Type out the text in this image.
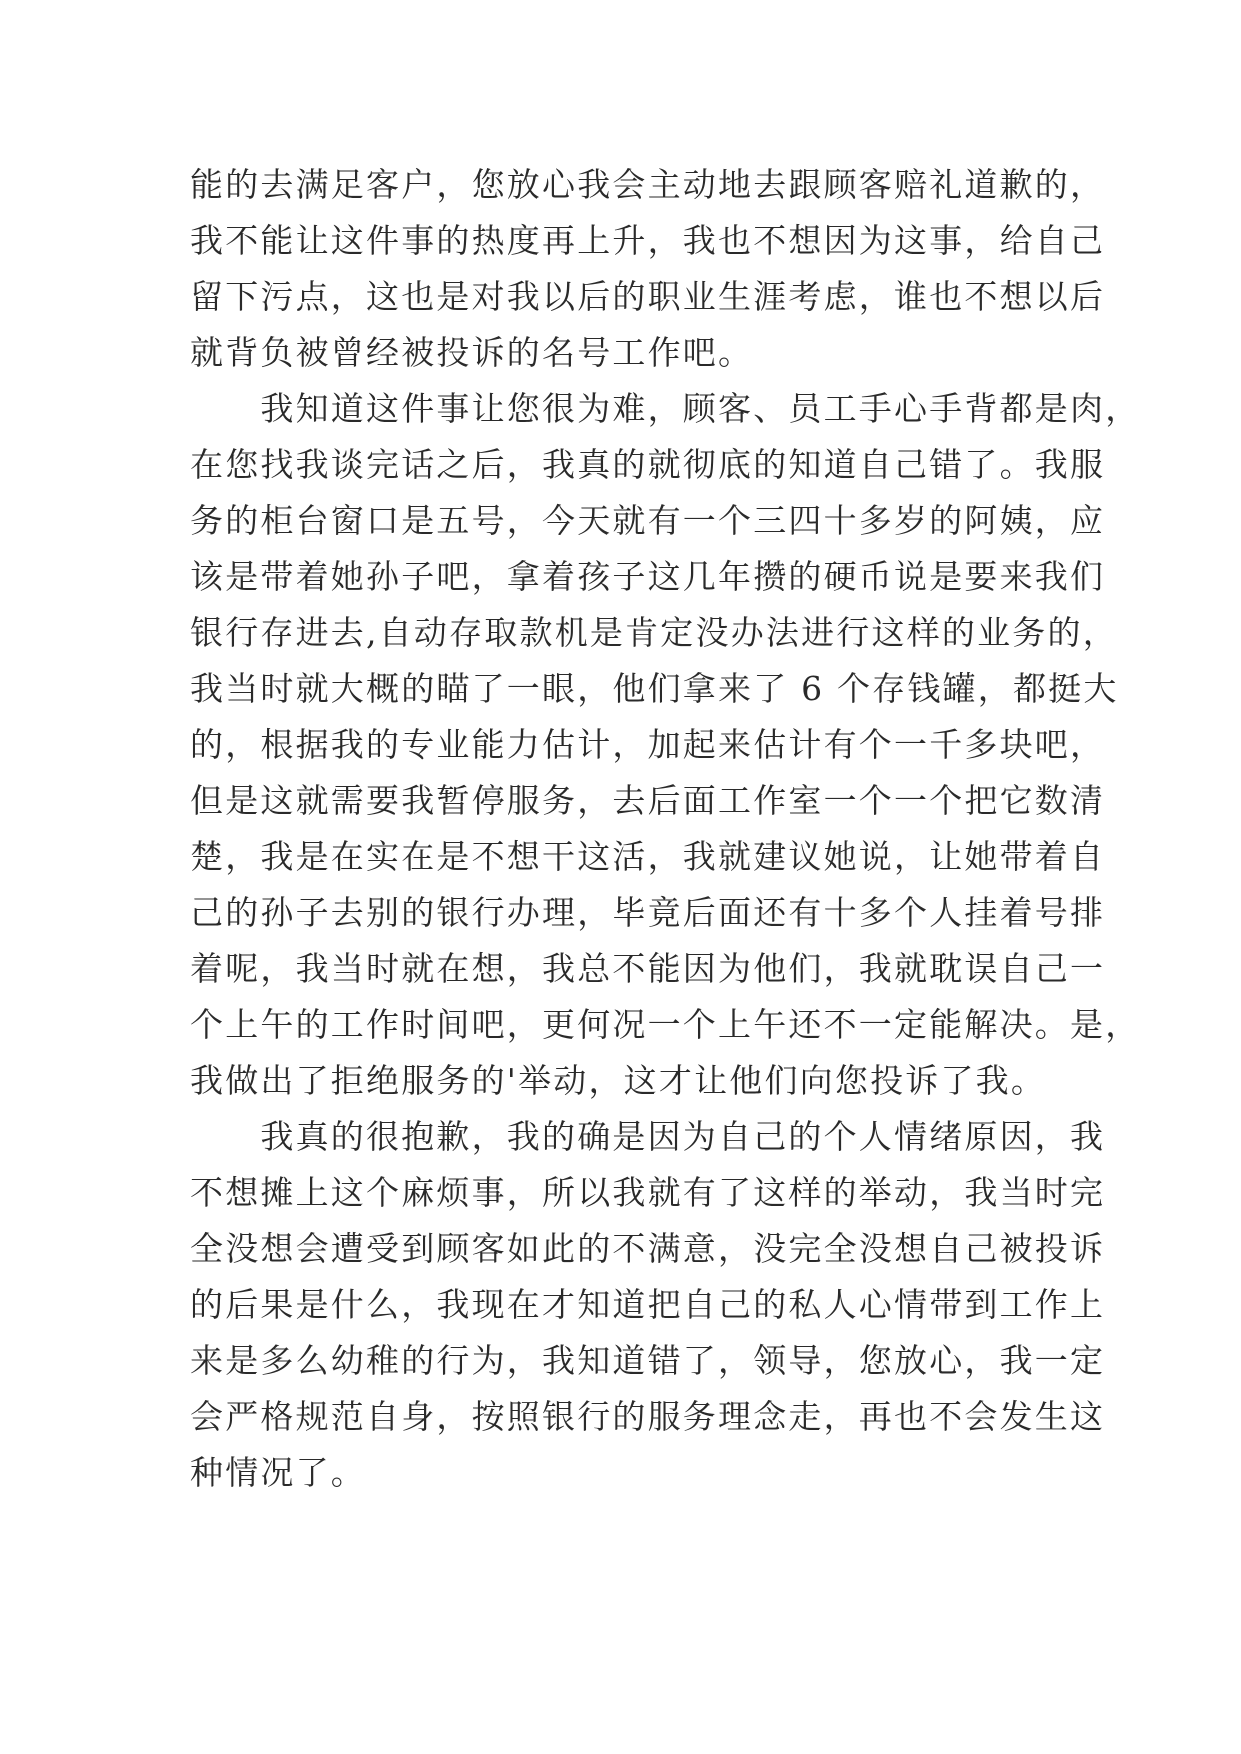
能的去满足客户，您放心我会主动地去跟顾客赔礼道歉的，
我不能让这件事的热度再上升，我也不想因为这事，给自己
留下污点，这也是对我以后的职业生涯考虑，谁也不想以后
就背负被曾经被投诉的名号工作吧。
　　我知道这件事让您很为难，顾客、员工手心手背都是肉，
在您找我谈完话之后，我真的就彻底的知道自己错了。我服
务的柜台窗口是五号，今天就有一个三四十多岁的阿姨，应
该是带着她孙子吧，拿着孩子这几年攒的硬币说是要来我们
银行存进去,自动存取款机是肯定没办法进行这样的业务的，
我当时就大概的瞄了一眼，他们拿来了 6 个存钱罐，都挺大
的，根据我的专业能力估计，加起来估计有个一千多块吧，
但是这就需要我暂停服务，去后面工作室一个一个把它数清
楚，我是在实在是不想干这活，我就建议她说，让她带着自
己的孙子去别的银行办理，毕竟后面还有十多个人挂着号排
着呢，我当时就在想，我总不能因为他们，我就耽误自己一
个上午的工作时间吧，更何况一个上午还不一定能解决。是，
我做出了拒绝服务的'举动，这才让他们向您投诉了我。
　　我真的很抱歉，我的确是因为自己的个人情绪原因，我
不想摊上这个麻烦事，所以我就有了这样的举动，我当时完
全没想会遭受到顾客如此的不满意，没完全没想自己被投诉
的后果是什么，我现在才知道把自己的私人心情带到工作上
来是多么幼稚的行为，我知道错了，领导，您放心，我一定
会严格规范自身，按照银行的服务理念走，再也不会发生这
种情况了。
